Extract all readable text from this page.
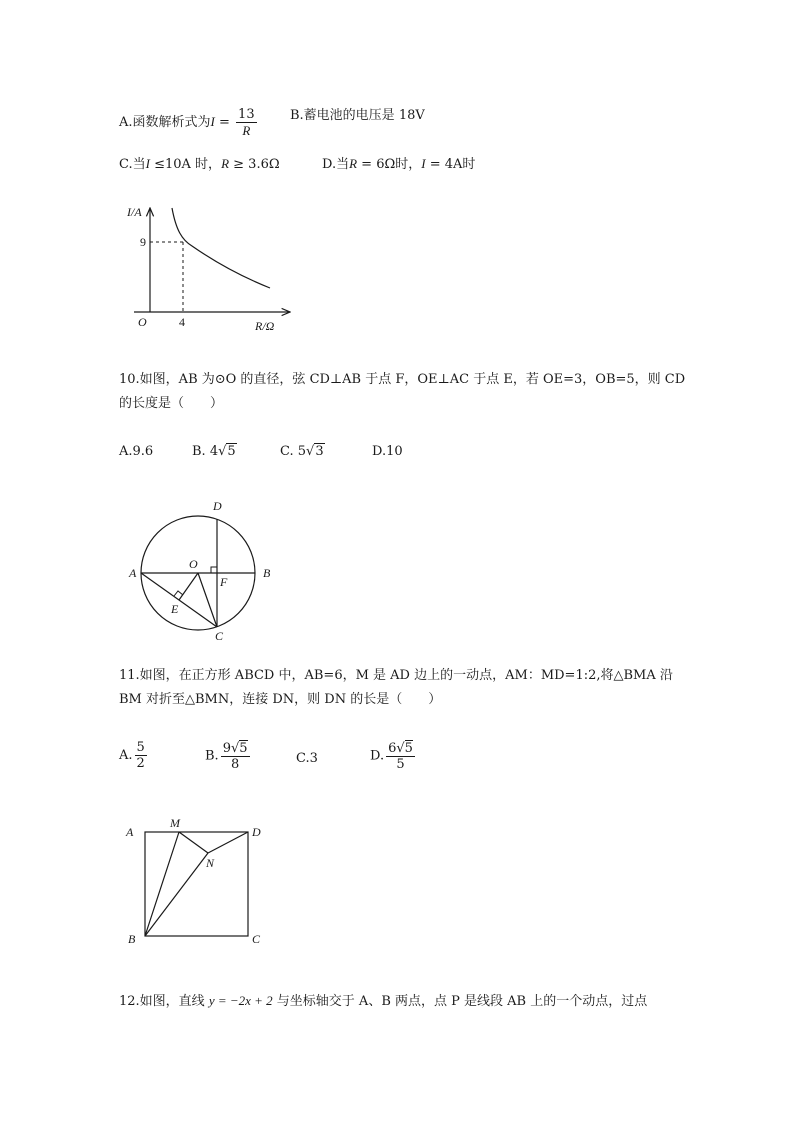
A.函数解析式为$I = \frac{13}{R}$	B.蓄电池的电压是 18V
C.当I ≤10A 时，R ≥ 3.6Ω	D.当R = 6Ω时，I = 4A时
I/A
9
O	4	R/Ω
10.如图，AB 为⊙O 的直径，弦 CD⊥AB 于点 F，OE⊥AC 于点 E，若 OE=3，OB=5，则 CD
的长度是（　　）
A.9.6	B. 4√5	C. 5√3	D.10
A	B
C
D
E
F
O
11.如图，在正方形 ABCD 中，AB=6，M 是 AD 边上的一动点，AM：MD=1:2,将△BMA 沿
BM 对折至△BMN，连接 DN，则 DN 的长是（　　）
A. $\frac{5}{2}$	B. $\frac{9√5}{8}$	C.3	D. $\frac{6√5}{5}$
A
M
D
N
B	C
12.如图，直线 y = −2x + 2 与坐标轴交于 A、B 两点，点 P 是线段 AB 上的一个动点，过点
